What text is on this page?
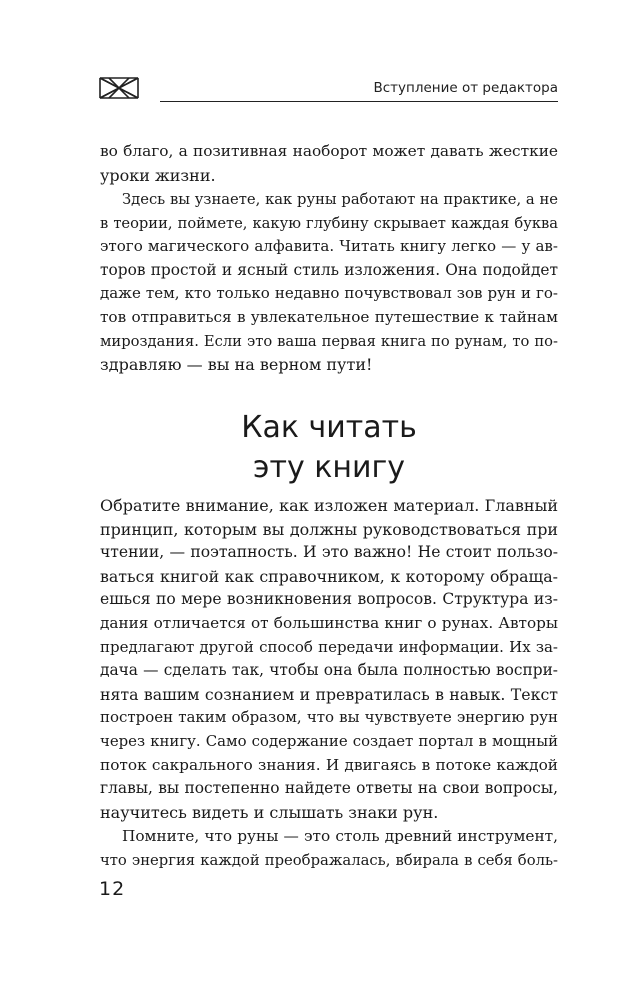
Вступление от редактора
во благо, а позитивная наоборот может давать жесткие
уроки жизни.
Здесь вы узнаете, как руны работают на практике, а не
в теории, поймете, какую глубину скрывает каждая буква
этого магического алфавита. Читать книгу легко — у ав-
торов простой и ясный стиль изложения. Она подойдет
даже тем, кто только недавно почувствовал зов рун и го-
тов отправиться в увлекательное путешествие к тайнам
мироздания. Если это ваша первая книга по рунам, то по-
здравляю — вы на верном пути!
Как читать
эту книгу
Обратите внимание, как изложен материал. Главный
принцип, которым вы должны руководствоваться при
чтении, — поэтапность. И это важно! Не стоит пользо-
ваться книгой как справочником, к которому обраща-
ешься по мере возникновения вопросов. Структура из-
дания отличается от большинства книг о рунах. Авторы
предлагают другой способ передачи информации. Их за-
дача — сделать так, чтобы она была полностью воспри-
нята вашим сознанием и превратилась в навык. Текст
построен таким образом, что вы чувствуете энергию рун
через книгу. Само содержание создает портал в мощный
поток сакрального знания. И двигаясь в потоке каждой
главы, вы постепенно найдете ответы на свои вопросы,
научитесь видеть и слышать знаки рун.
Помните, что руны — это столь древний инструмент,
что энергия каждой преображалась, вбирала в себя боль-
12
